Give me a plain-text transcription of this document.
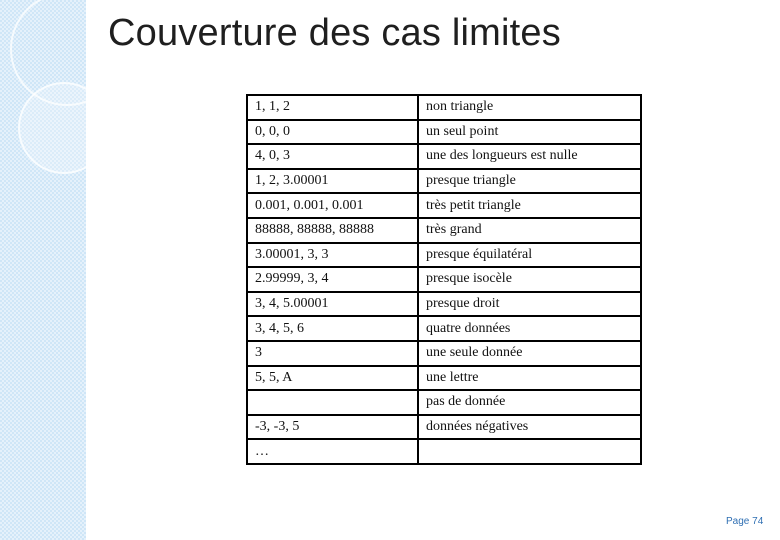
Couverture des cas limites
1, 1, 2	non triangle
0, 0, 0	un seul point
4, 0, 3	une des longueurs est nulle
1, 2, 3.00001	presque triangle
0.001, 0.001, 0.001	très petit triangle
88888, 88888, 88888	très grand
3.00001, 3, 3	presque équilatéral
2.99999, 3, 4	presque isocèle
3, 4, 5.00001	presque droit
3, 4, 5, 6	quatre données
3	une seule donnée
5, 5, A	une lettre
	pas de donnée
-3, -3, 5	données négatives
…	
Page 74
